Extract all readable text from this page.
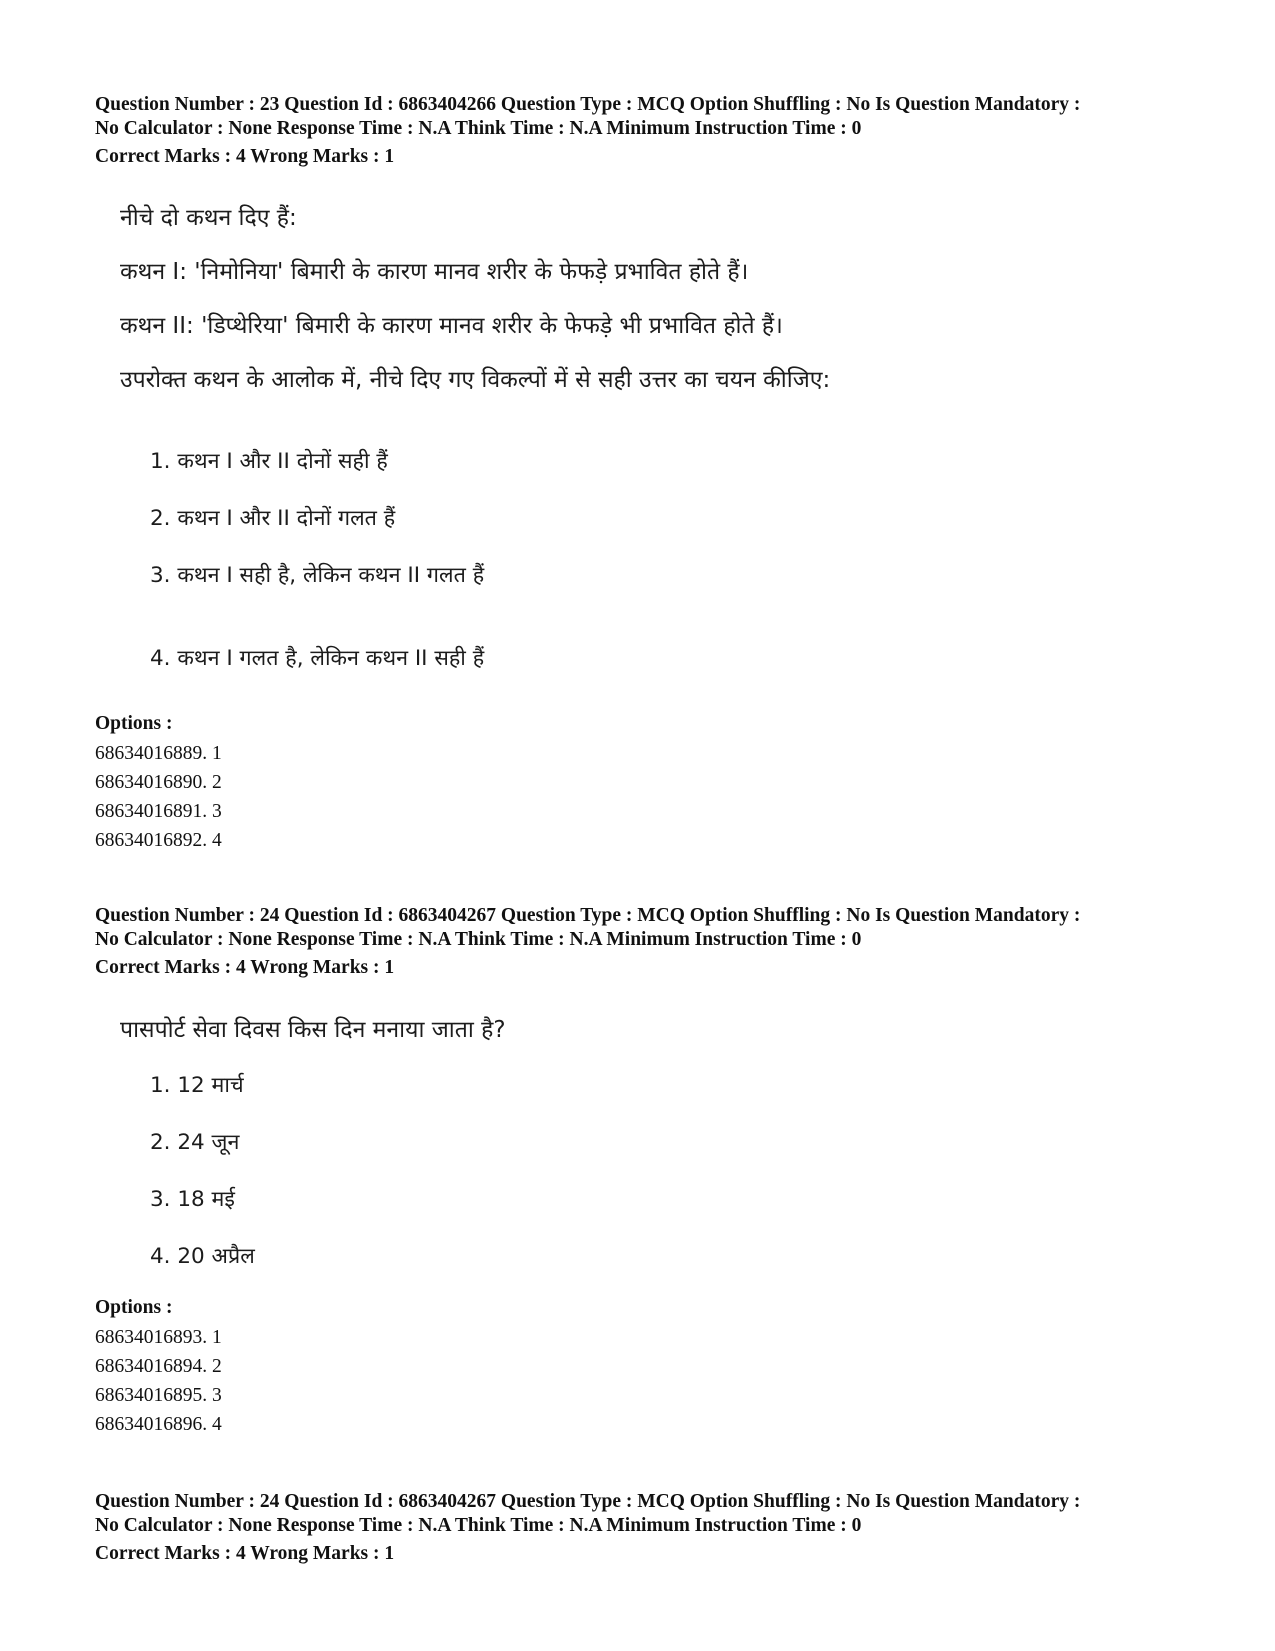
Question Number : 23 Question Id : 6863404266 Question Type : MCQ Option Shuffling : No Is Question Mandatory :
No Calculator : None Response Time : N.A Think Time : N.A Minimum Instruction Time : 0
Correct Marks : 4 Wrong Marks : 1
नीचे दो कथन दिए हैं:
कथन I: 'निमोनिया' बिमारी के कारण मानव शरीर के फेफड़े प्रभावित होते हैं।
कथन II: 'डिप्थेरिया' बिमारी के कारण मानव शरीर के फेफड़े भी प्रभावित होते हैं।
उपरोक्त कथन के आलोक में, नीचे दिए गए विकल्पों में से सही उत्तर का चयन कीजिए:
1. कथन I और II दोनों सही हैं
2. कथन I और II दोनों गलत हैं
3. कथन I सही है, लेकिन कथन II गलत हैं
4. कथन I गलत है, लेकिन कथन II सही हैं
Options :
68634016889. 1
68634016890. 2
68634016891. 3
68634016892. 4
Question Number : 24 Question Id : 6863404267 Question Type : MCQ Option Shuffling : No Is Question Mandatory :
No Calculator : None Response Time : N.A Think Time : N.A Minimum Instruction Time : 0
Correct Marks : 4 Wrong Marks : 1
पासपोर्ट सेवा दिवस किस दिन मनाया जाता है?
1. 12 मार्च
2. 24 जून
3. 18 मई
4. 20 अप्रैल
Options :
68634016893. 1
68634016894. 2
68634016895. 3
68634016896. 4
Question Number : 24 Question Id : 6863404267 Question Type : MCQ Option Shuffling : No Is Question Mandatory :
No Calculator : None Response Time : N.A Think Time : N.A Minimum Instruction Time : 0
Correct Marks : 4 Wrong Marks : 1
